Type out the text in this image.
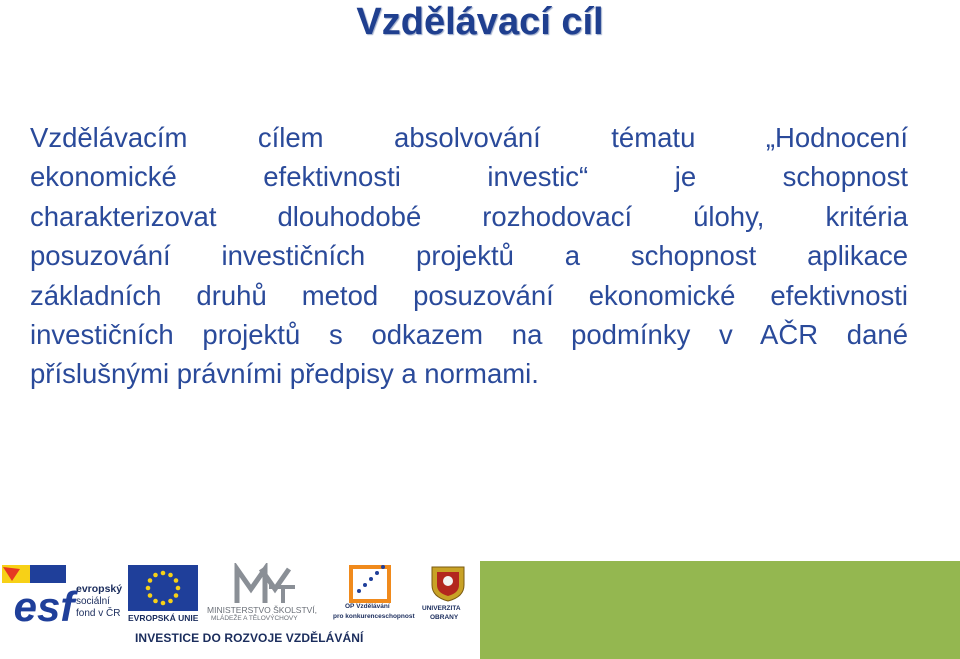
Vzdělávací cíl
Vzdělávacím cílem absolvování tématu „Hodnocení
ekonomické efektivnosti investic“ je schopnost
charakterizovat dlouhodobé rozhodovací úlohy, kritéria
posuzování investičních projektů a schopnost aplikace
základních druhů metod posuzování ekonomické efektivnosti
investičních projektů s odkazem na podmínky v AČR dané
příslušnými právními předpisy a normami.
esf evropský
sociální
fond v ČR EVROPSKÁ UNIE
MINISTERSTVO ŠKOLSTVÍ,
MLÁDEŽE A TĚLOVÝCHOVY
OP Vzdělávání
pro konkurenceschopnost
UNIVERZITA
OBRANY
INVESTICE DO ROZVOJE VZDĚLÁVÁNÍ
